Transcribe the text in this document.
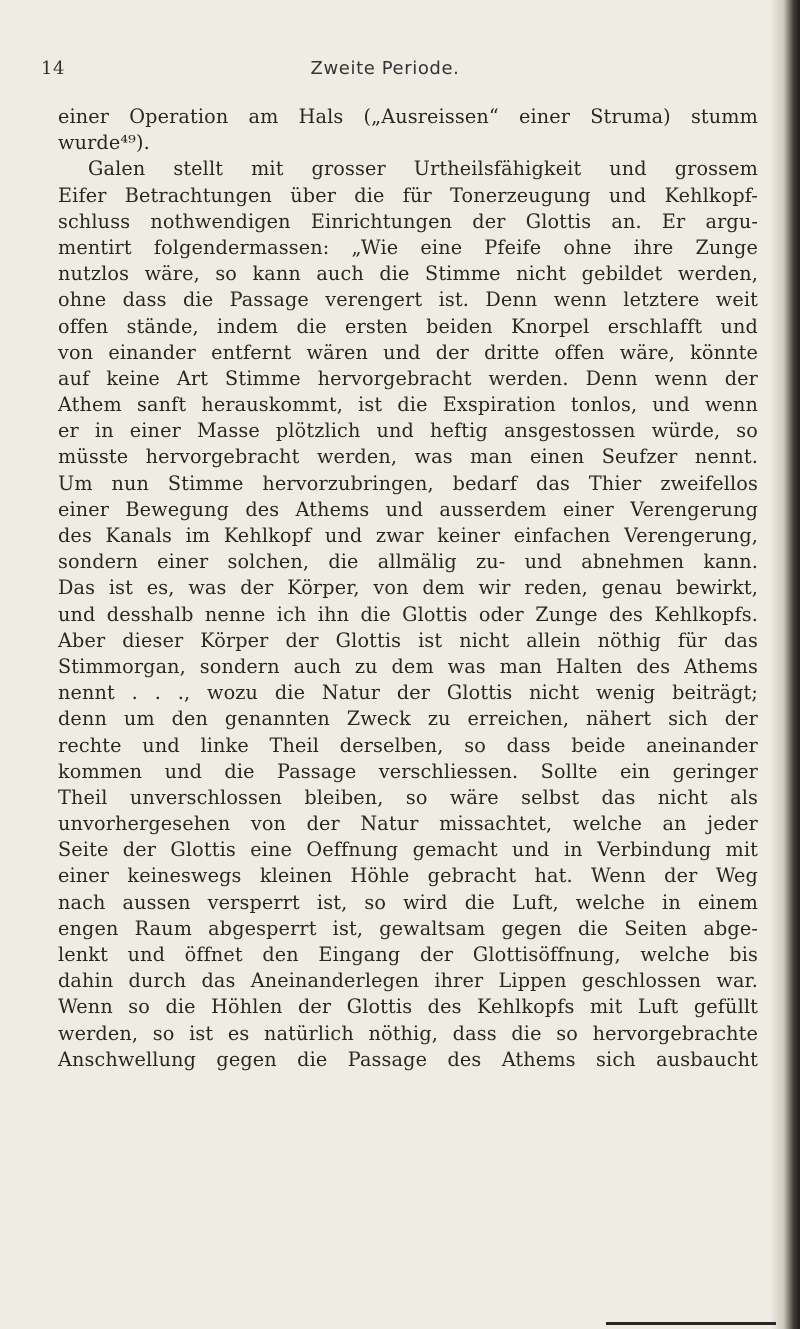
14	Zweite Periode.
einer Operation am Hals („Ausreissen“ einer Struma) stumm
wurde⁴⁹).
Galen stellt mit grosser Urtheilsfähigkeit und grossem
Eifer Betrachtungen über die für Tonerzeugung und Kehlkopf-
schluss nothwendigen Einrichtungen der Glottis an. Er argu-
mentirt folgendermassen: „Wie eine Pfeife ohne ihre Zunge
nutzlos wäre, so kann auch die Stimme nicht gebildet werden,
ohne dass die Passage verengert ist. Denn wenn letztere weit
offen stände, indem die ersten beiden Knorpel erschlafft und
von einander entfernt wären und der dritte offen wäre, könnte
auf keine Art Stimme hervorgebracht werden. Denn wenn der
Athem sanft herauskommt, ist die Exspiration tonlos, und wenn
er in einer Masse plötzlich und heftig ansgestossen würde, so
müsste hervorgebracht werden, was man einen Seufzer nennt.
Um nun Stimme hervorzubringen, bedarf das Thier zweifellos
einer Bewegung des Athems und ausserdem einer Verengerung
des Kanals im Kehlkopf und zwar keiner einfachen Verengerung,
sondern einer solchen, die allmälig zu- und abnehmen kann.
Das ist es, was der Körper, von dem wir reden, genau bewirkt,
und desshalb nenne ich ihn die Glottis oder Zunge des Kehlkopfs.
Aber dieser Körper der Glottis ist nicht allein nöthig für das
Stimmorgan, sondern auch zu dem was man Halten des Athems
nennt . . ., wozu die Natur der Glottis nicht wenig beiträgt;
denn um den genannten Zweck zu erreichen, nähert sich der
rechte und linke Theil derselben, so dass beide aneinander
kommen und die Passage verschliessen. Sollte ein geringer
Theil unverschlossen bleiben, so wäre selbst das nicht als
unvorhergesehen von der Natur missachtet, welche an jeder
Seite der Glottis eine Oeffnung gemacht und in Verbindung mit
einer keineswegs kleinen Höhle gebracht hat. Wenn der Weg
nach aussen versperrt ist, so wird die Luft, welche in einem
engen Raum abgesperrt ist, gewaltsam gegen die Seiten abge-
lenkt und öffnet den Eingang der Glottisöffnung, welche bis
dahin durch das Aneinanderlegen ihrer Lippen geschlossen war.
Wenn so die Höhlen der Glottis des Kehlkopfs mit Luft gefüllt
werden, so ist es natürlich nöthig, dass die so hervorgebrachte
Anschwellung gegen die Passage des Athems sich ausbaucht
